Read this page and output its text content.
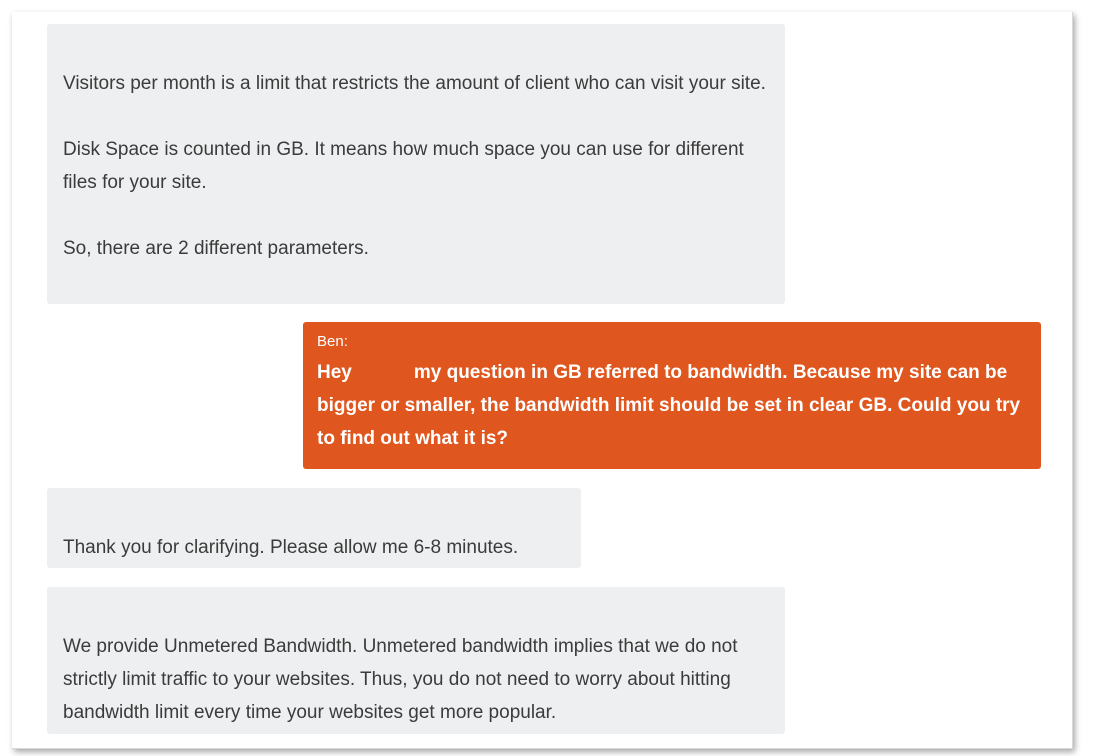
Visitors per month is a limit that restricts the amount of client who can visit your site.
Disk Space is counted in GB. It means how much space you can use for different files for your site.
So, there are 2 different parameters.
Ben:
Hey	my question in GB referred to bandwidth. Because my site can be bigger or smaller, the bandwidth limit should be set in clear GB. Could you try to find out what it is?
Thank you for clarifying. Please allow me 6-8 minutes.
We provide Unmetered Bandwidth. Unmetered bandwidth implies that we do not strictly limit traffic to your websites. Thus, you do not need to worry about hitting bandwidth limit every time your websites get more popular.
